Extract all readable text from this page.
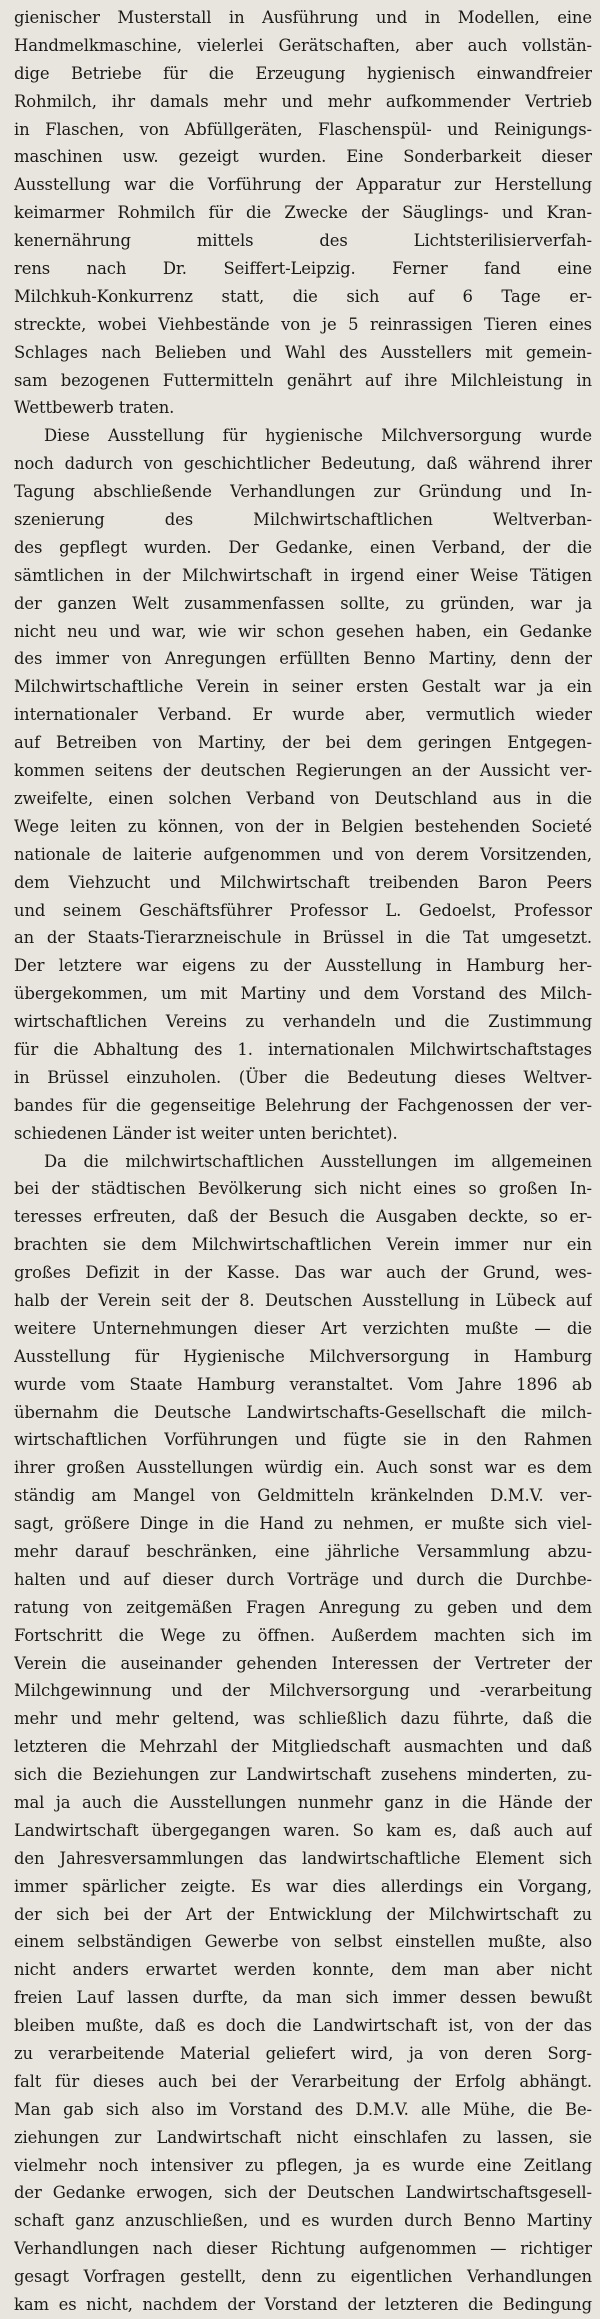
gienischer Musterstall in Ausführung und in Modellen, eine
Handmelkmaschine, vielerlei Gerätschaften, aber auch vollstän-
dige Betriebe für die Erzeugung hygienisch einwandfreier
Rohmilch, ihr damals mehr und mehr aufkommender Vertrieb
in Flaschen, von Abfüllgeräten, Flaschenspül- und Reinigungs-
maschinen usw. gezeigt wurden. Eine Sonderbarkeit dieser
Ausstellung war die Vorführung der Apparatur zur Herstellung
keimarmer Rohmilch für die Zwecke der Säuglings- und Kran-
kenernährung mittels des Lichtsterilisierverfah-
rens nach Dr. Seiffert-Leipzig. Ferner fand eine
Milchkuh-Konkurrenz statt, die sich auf 6 Tage er-
streckte, wobei Viehbestände von je 5 reinrassigen Tieren eines
Schlages nach Belieben und Wahl des Ausstellers mit gemein-
sam bezogenen Futtermitteln genährt auf ihre Milchleistung in
Wettbewerb traten.
Diese Ausstellung für hygienische Milchversorgung wurde
noch dadurch von geschichtlicher Bedeutung, daß während ihrer
Tagung abschließende Verhandlungen zur Gründung und In-
szenierung des Milchwirtschaftlichen Weltverban-
des gepflegt wurden. Der Gedanke, einen Verband, der die
sämtlichen in der Milchwirtschaft in irgend einer Weise Tätigen
der ganzen Welt zusammenfassen sollte, zu gründen, war ja
nicht neu und war, wie wir schon gesehen haben, ein Gedanke
des immer von Anregungen erfüllten Benno Martiny, denn der
Milchwirtschaftliche Verein in seiner ersten Gestalt war ja ein
internationaler Verband. Er wurde aber, vermutlich wieder
auf Betreiben von Martiny, der bei dem geringen Entgegen-
kommen seitens der deutschen Regierungen an der Aussicht ver-
zweifelte, einen solchen Verband von Deutschland aus in die
Wege leiten zu können, von der in Belgien bestehenden Societé
nationale de laiterie aufgenommen und von derem Vorsitzenden,
dem Viehzucht und Milchwirtschaft treibenden Baron Peers
und seinem Geschäftsführer Professor L. Gedoelst, Professor
an der Staats-Tierarzneischule in Brüssel in die Tat umgesetzt.
Der letztere war eigens zu der Ausstellung in Hamburg her-
übergekommen, um mit Martiny und dem Vorstand des Milch-
wirtschaftlichen Vereins zu verhandeln und die Zustimmung
für die Abhaltung des 1. internationalen Milchwirtschaftstages
in Brüssel einzuholen. (Über die Bedeutung dieses Weltver-
bandes für die gegenseitige Belehrung der Fachgenossen der ver-
schiedenen Länder ist weiter unten berichtet).
Da die milchwirtschaftlichen Ausstellungen im allgemeinen
bei der städtischen Bevölkerung sich nicht eines so großen In-
teresses erfreuten, daß der Besuch die Ausgaben deckte, so er-
brachten sie dem Milchwirtschaftlichen Verein immer nur ein
großes Defizit in der Kasse. Das war auch der Grund, wes-
halb der Verein seit der 8. Deutschen Ausstellung in Lübeck auf
weitere Unternehmungen dieser Art verzichten mußte — die
Ausstellung für Hygienische Milchversorgung in Hamburg
wurde vom Staate Hamburg veranstaltet. Vom Jahre 1896 ab
übernahm die Deutsche Landwirtschafts-Gesellschaft die milch-
wirtschaftlichen Vorführungen und fügte sie in den Rahmen
ihrer großen Ausstellungen würdig ein. Auch sonst war es dem
ständig am Mangel von Geldmitteln kränkelnden D.M.V. ver-
sagt, größere Dinge in die Hand zu nehmen, er mußte sich viel-
mehr darauf beschränken, eine jährliche Versammlung abzu-
halten und auf dieser durch Vorträge und durch die Durchbe-
ratung von zeitgemäßen Fragen Anregung zu geben und dem
Fortschritt die Wege zu öffnen. Außerdem machten sich im
Verein die auseinander gehenden Interessen der Vertreter der
Milchgewinnung und der Milchversorgung und -verarbeitung
mehr und mehr geltend, was schließlich dazu führte, daß die
letzteren die Mehrzahl der Mitgliedschaft ausmachten und daß
sich die Beziehungen zur Landwirtschaft zusehens minderten, zu-
mal ja auch die Ausstellungen nunmehr ganz in die Hände der
Landwirtschaft übergegangen waren. So kam es, daß auch auf
den Jahresversammlungen das landwirtschaftliche Element sich
immer spärlicher zeigte. Es war dies allerdings ein Vorgang,
der sich bei der Art der Entwicklung der Milchwirtschaft zu
einem selbständigen Gewerbe von selbst einstellen mußte, also
nicht anders erwartet werden konnte, dem man aber nicht
freien Lauf lassen durfte, da man sich immer dessen bewußt
bleiben mußte, daß es doch die Landwirtschaft ist, von der das
zu verarbeitende Material geliefert wird, ja von deren Sorg-
falt für dieses auch bei der Verarbeitung der Erfolg abhängt.
Man gab sich also im Vorstand des D.M.V. alle Mühe, die Be-
ziehungen zur Landwirtschaft nicht einschlafen zu lassen, sie
vielmehr noch intensiver zu pflegen, ja es wurde eine Zeitlang
der Gedanke erwogen, sich der Deutschen Landwirtschaftsgesell-
schaft ganz anzuschließen, und es wurden durch Benno Martiny
Verhandlungen nach dieser Richtung aufgenommen — richtiger
gesagt Vorfragen gestellt, denn zu eigentlichen Verhandlungen
kam es nicht, nachdem der Vorstand der letzteren die Bedingung
